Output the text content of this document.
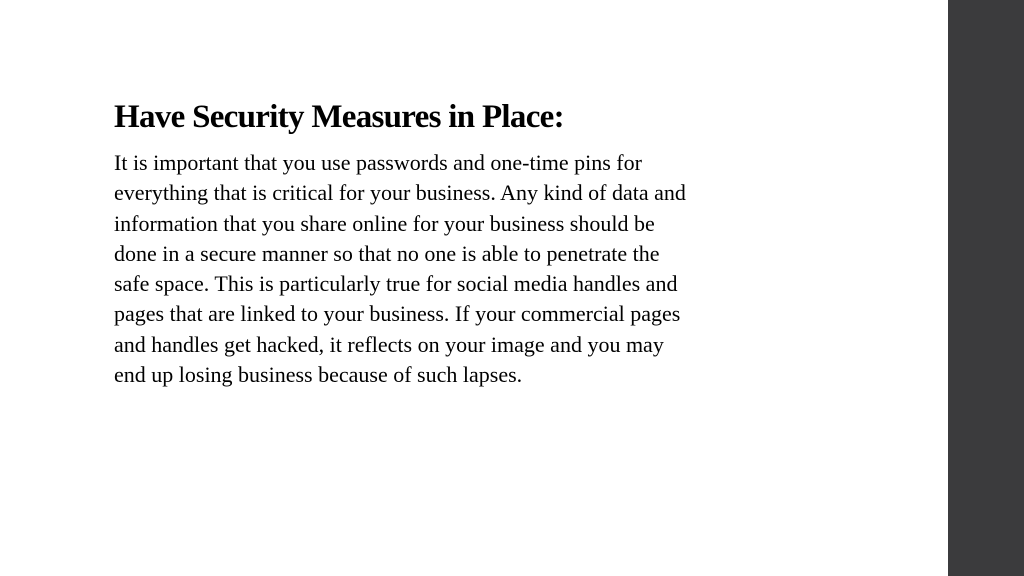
Have Security Measures in Place:

It is important that you use passwords and one-time pins for
everything that is critical for your business. Any kind of data and
information that you share online for your business should be
done in a secure manner so that no one is able to penetrate the
safe space. This is particularly true for social media handles and
pages that are linked to your business. If your commercial pages
and handles get hacked, it reflects on your image and you may
end up losing business because of such lapses.
